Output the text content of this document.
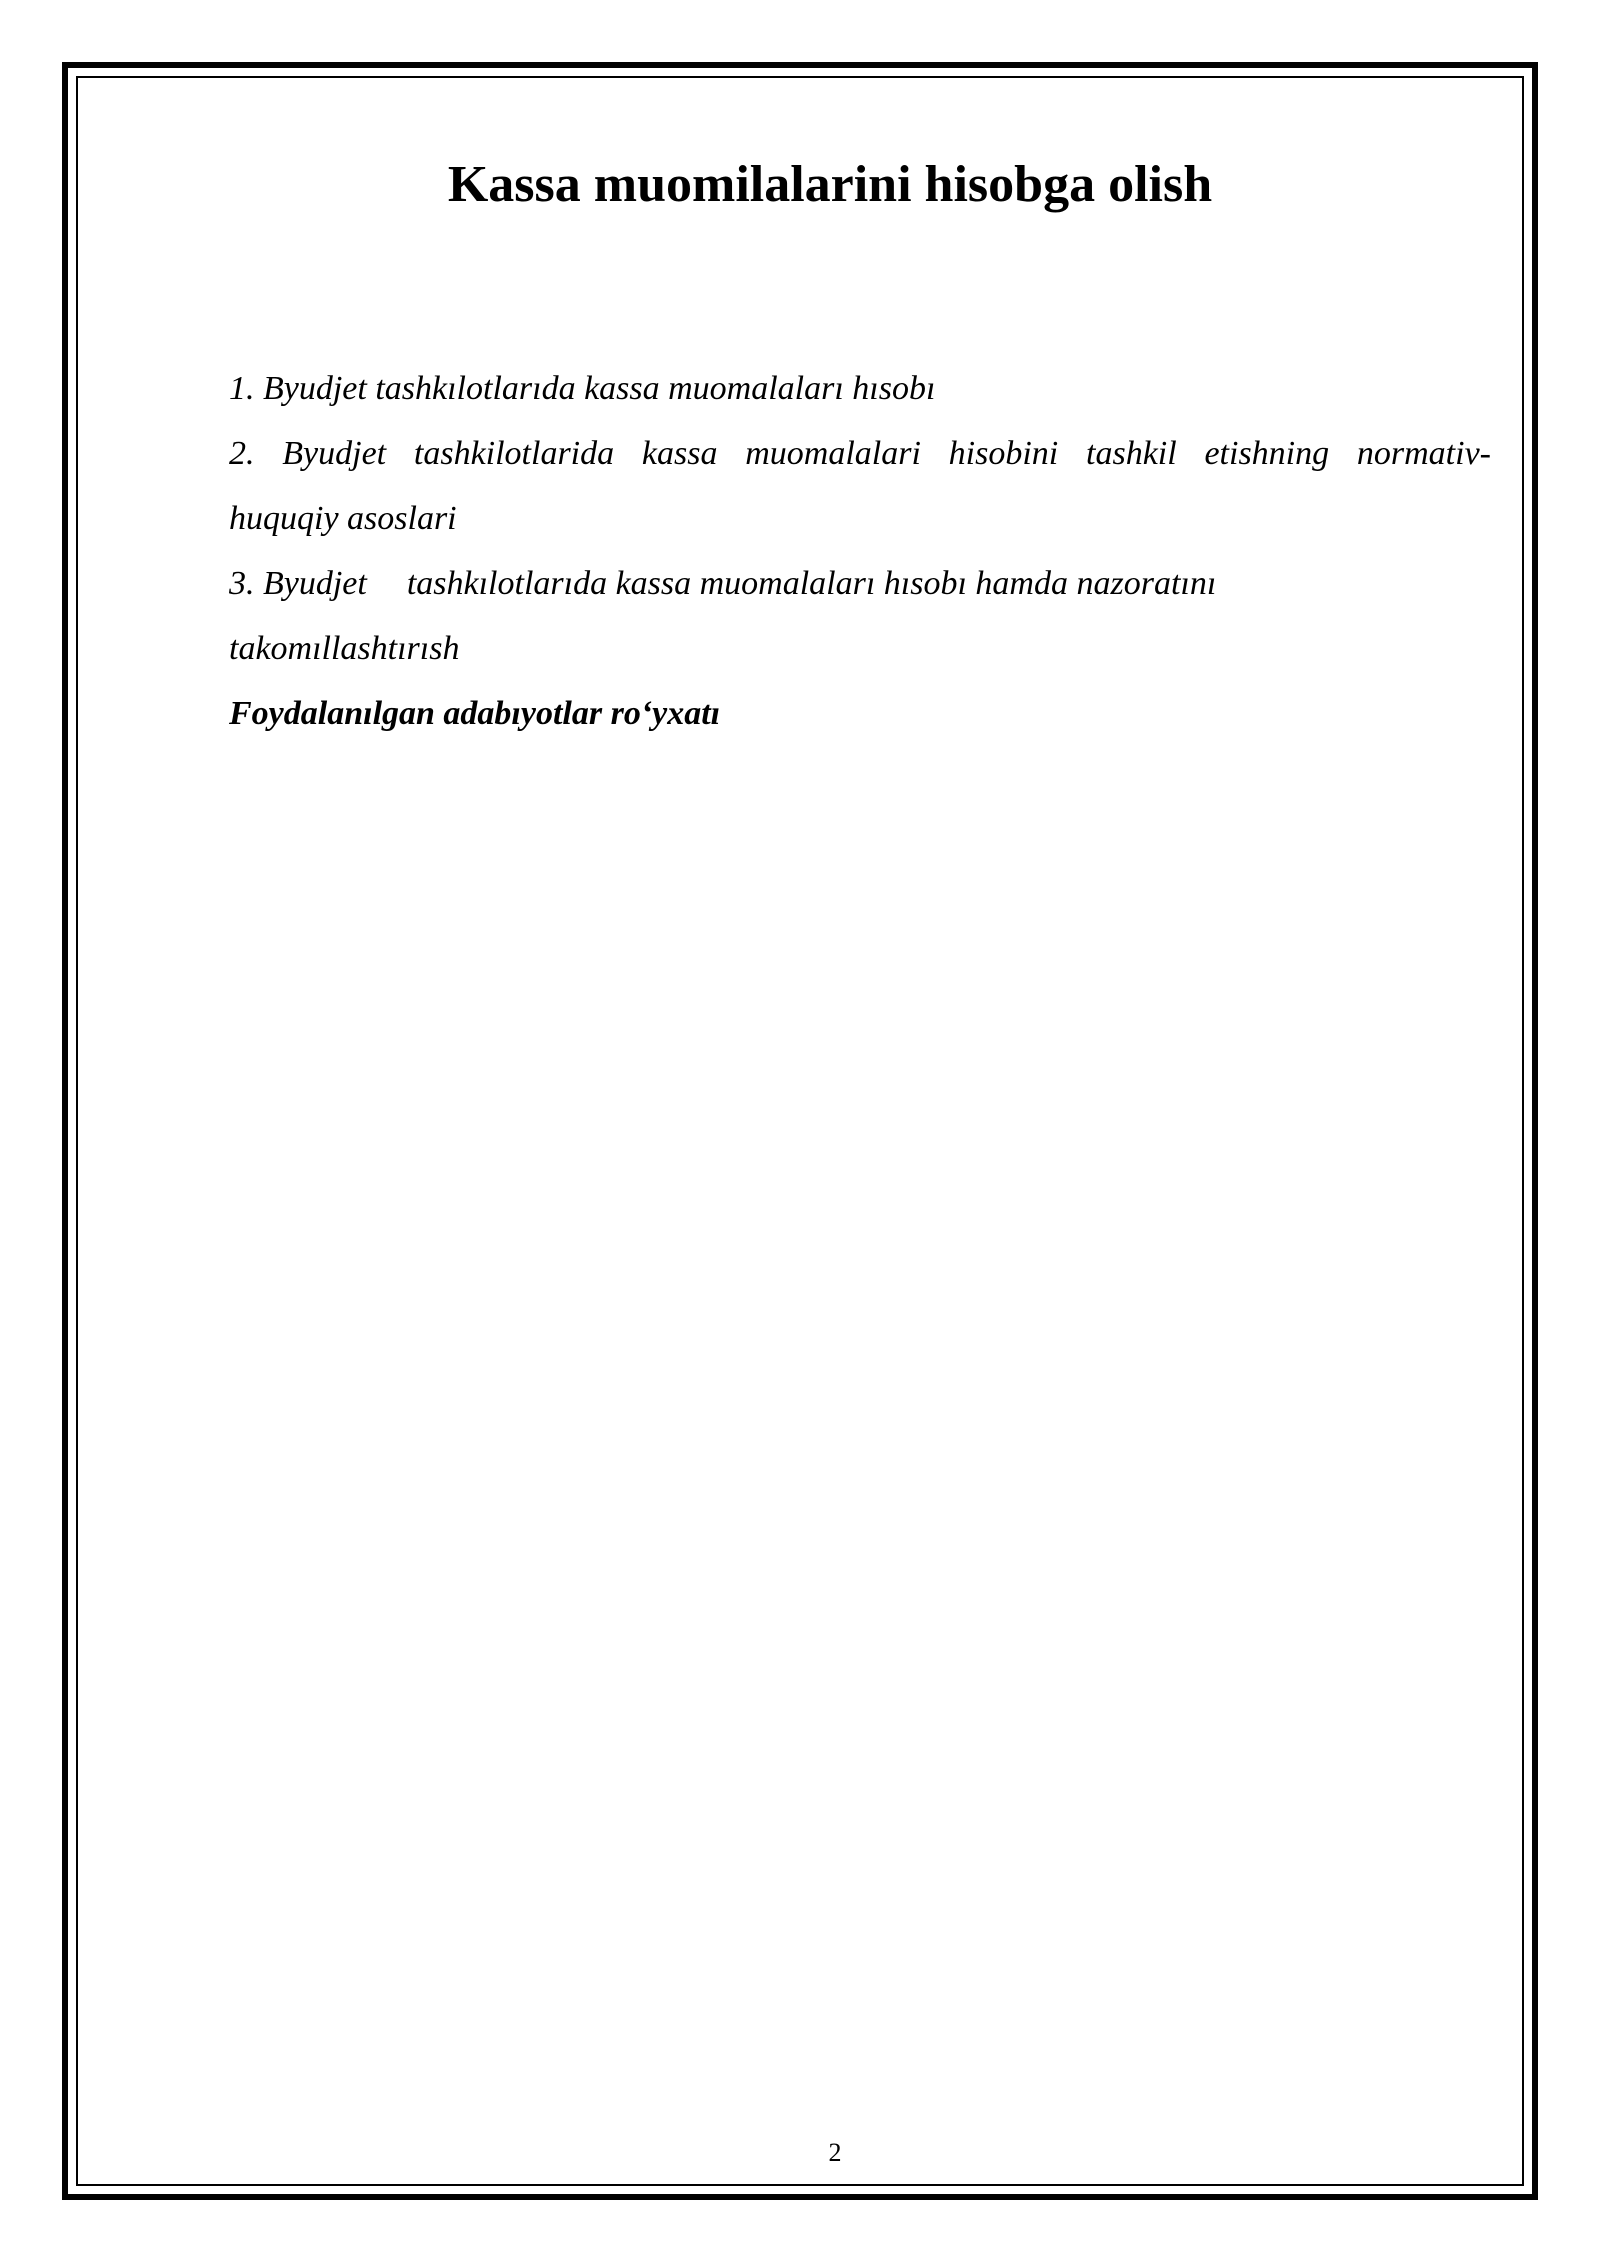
Kassa muomilalarini hisobga olish

1. Byudjet tashkılotlarıda kassa muomalaları hısobı

2. Byudjet tashkilotlarida kassa muomalalari hisobini tashkil etishning normativ-
huquqiy asoslari

3. Byudjet tashkılotlarıda kassa muomalaları hısobı hamda nazoratını
takomıllashtırısh

Foydalanılgan adabıyotlar ro‘yxatı

2
